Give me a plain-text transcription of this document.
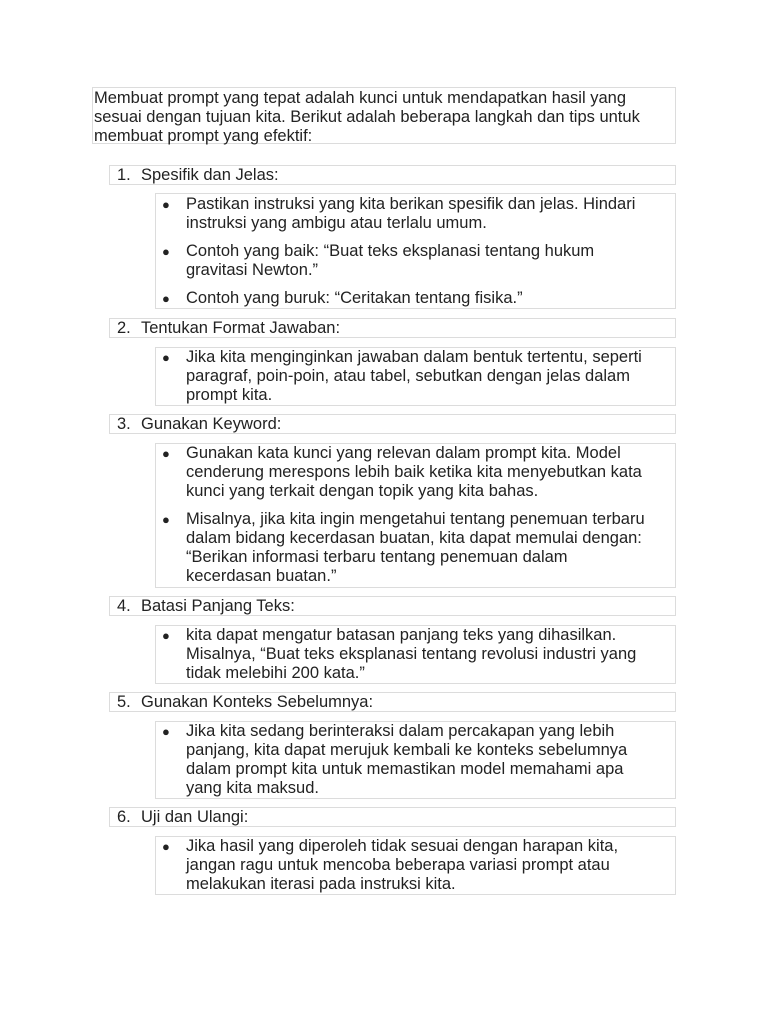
Membuat prompt yang tepat adalah kunci untuk mendapatkan hasil yang sesuai dengan tujuan kita. Berikut adalah beberapa langkah dan tips untuk membuat prompt yang efektif:
1. Spesifik dan Jelas:
● Pastikan instruksi yang kita berikan spesifik dan jelas. Hindari
instruksi yang ambigu atau terlalu umum.
● Contoh yang baik: “Buat teks eksplanasi tentang hukum
gravitasi Newton.”
● Contoh yang buruk: “Ceritakan tentang fisika.”
2. Tentukan Format Jawaban:
● Jika kita menginginkan jawaban dalam bentuk tertentu, seperti
paragraf, poin-poin, atau tabel, sebutkan dengan jelas dalam
prompt kita.
3. Gunakan Keyword:
● Gunakan kata kunci yang relevan dalam prompt kita. Model
cenderung merespons lebih baik ketika kita menyebutkan kata
kunci yang terkait dengan topik yang kita bahas.
● Misalnya, jika kita ingin mengetahui tentang penemuan terbaru
dalam bidang kecerdasan buatan, kita dapat memulai dengan:
“Berikan informasi terbaru tentang penemuan dalam
kecerdasan buatan.”
4. Batasi Panjang Teks:
● kita dapat mengatur batasan panjang teks yang dihasilkan.
Misalnya, “Buat teks eksplanasi tentang revolusi industri yang
tidak melebihi 200 kata.”
5. Gunakan Konteks Sebelumnya:
● Jika kita sedang berinteraksi dalam percakapan yang lebih
panjang, kita dapat merujuk kembali ke konteks sebelumnya
dalam prompt kita untuk memastikan model memahami apa
yang kita maksud.
6. Uji dan Ulangi:
● Jika hasil yang diperoleh tidak sesuai dengan harapan kita,
jangan ragu untuk mencoba beberapa variasi prompt atau
melakukan iterasi pada instruksi kita.
